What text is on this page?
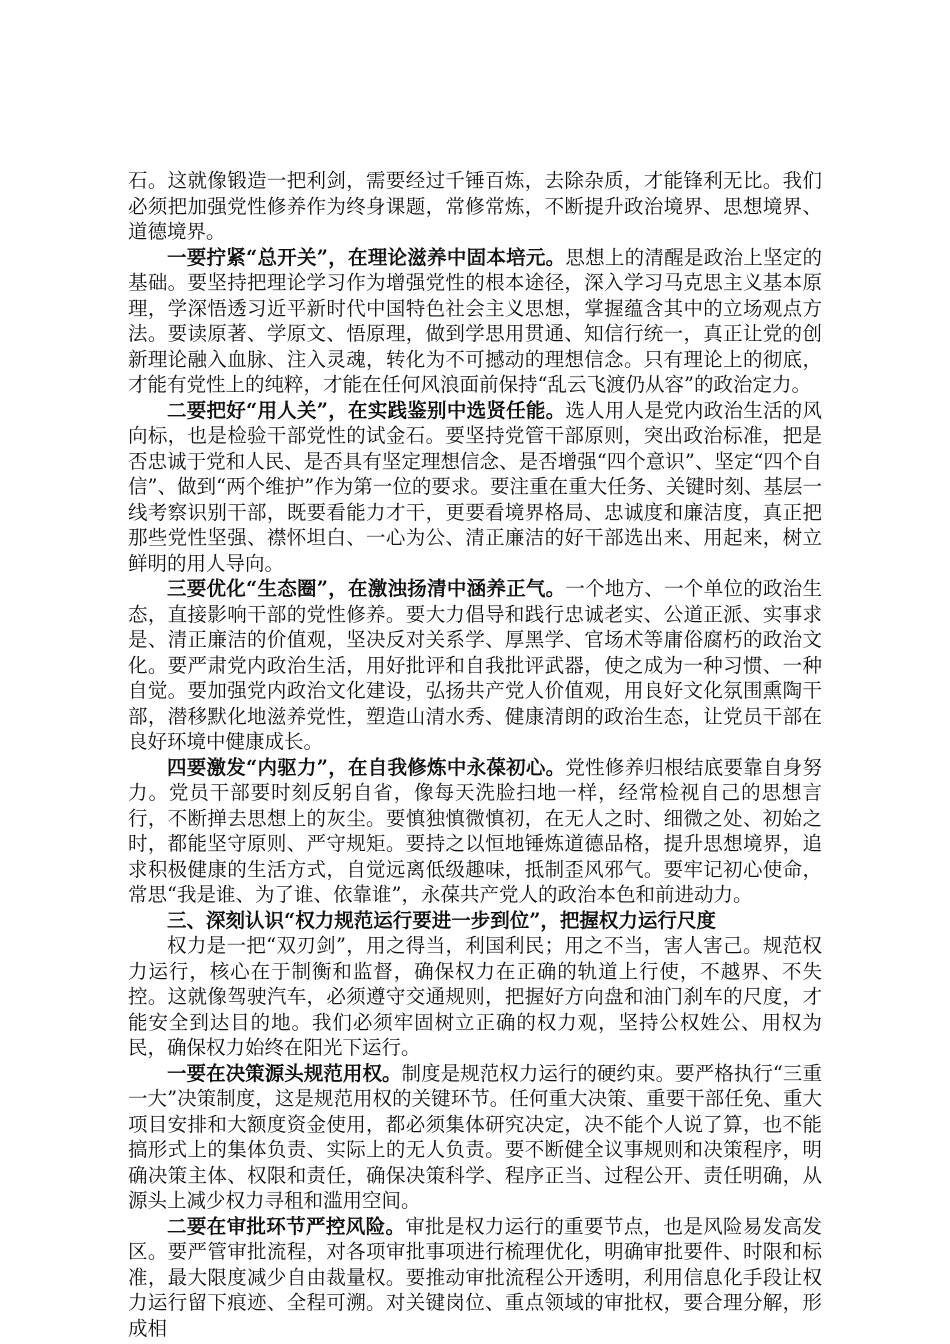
石。这就像锻造一把利剑，需要经过千锤百炼，去除杂质，才能锋利无比。我们必须把加强党性修养作为终身课题，常修常炼，不断提升政治境界、思想境界、道德境界。

一要拧紧“总开关”，在理论滋养中固本培元。思想上的清醒是政治上坚定的基础。要坚持把理论学习作为增强党性的根本途径，深入学习马克思主义基本原理，学深悟透习近平新时代中国特色社会主义思想，掌握蕴含其中的立场观点方法。要读原著、学原文、悟原理，做到学思用贯通、知信行统一，真正让党的创新理论融入血脉、注入灵魂，转化为不可撼动的理想信念。只有理论上的彻底，才能有党性上的纯粹，才能在任何风浪面前保持“乱云飞渡仍从容”的政治定力。

二要把好“用人关”，在实践鉴别中选贤任能。选人用人是党内政治生活的风向标，也是检验干部党性的试金石。要坚持党管干部原则，突出政治标准，把是否忠诚于党和人民、是否具有坚定理想信念、是否增强“四个意识”、坚定“四个自信”、做到“两个维护”作为第一位的要求。要注重在重大任务、关键时刻、基层一线考察识别干部，既要看能力才干，更要看境界格局、忠诚度和廉洁度，真正把那些党性坚强、襟怀坦白、一心为公、清正廉洁的好干部选出来、用起来，树立鲜明的用人导向。

三要优化“生态圈”，在激浊扬清中涵养正气。一个地方、一个单位的政治生态，直接影响干部的党性修养。要大力倡导和践行忠诚老实、公道正派、实事求是、清正廉洁的价值观，坚决反对关系学、厚黑学、官场术等庸俗腐朽的政治文化。要严肃党内政治生活，用好批评和自我批评武器，使之成为一种习惯、一种自觉。要加强党内政治文化建设，弘扬共产党人价值观，用良好文化氛围熏陶干部，潜移默化地滋养党性，塑造山清水秀、健康清朗的政治生态，让党员干部在良好环境中健康成长。

四要激发“内驱力”，在自我修炼中永葆初心。党性修养归根结底要靠自身努力。党员干部要时刻反躬自省，像每天洗脸扫地一样，经常检视自己的思想言行，不断掸去思想上的灰尘。要慎独慎微慎初，在无人之时、细微之处、初始之时，都能坚守原则、严守规矩。要持之以恒地锤炼道德品格，提升思想境界，追求积极健康的生活方式，自觉远离低级趣味，抵制歪风邪气。要牢记初心使命，常思“我是谁、为了谁、依靠谁”，永葆共产党人的政治本色和前进动力。

三、深刻认识“权力规范运行要进一步到位”，把握权力运行尺度

权力是一把“双刃剑”，用之得当，利国利民；用之不当，害人害己。规范权力运行，核心在于制衡和监督，确保权力在正确的轨道上行使，不越界、不失控。这就像驾驶汽车，必须遵守交通规则，把握好方向盘和油门刹车的尺度，才能安全到达目的地。我们必须牢固树立正确的权力观，坚持公权姓公、用权为民，确保权力始终在阳光下运行。

一要在决策源头规范用权。制度是规范权力运行的硬约束。要严格执行“三重一大”决策制度，这是规范用权的关键环节。任何重大决策、重要干部任免、重大项目安排和大额度资金使用，都必须集体研究决定，决不能个人说了算，也不能搞形式上的集体负责、实际上的无人负责。要不断健全议事规则和决策程序，明确决策主体、权限和责任，确保决策科学、程序正当、过程公开、责任明确，从源头上减少权力寻租和滥用空间。

二要在审批环节严控风险。审批是权力运行的重要节点，也是风险易发高发区。要严管审批流程，对各项审批事项进行梳理优化，明确审批要件、时限和标准，最大限度减少自由裁量权。要推动审批流程公开透明，利用信息化手段让权力运行留下痕迹、全程可溯。对关键岗位、重点领域的审批权，要合理分解，形成相
